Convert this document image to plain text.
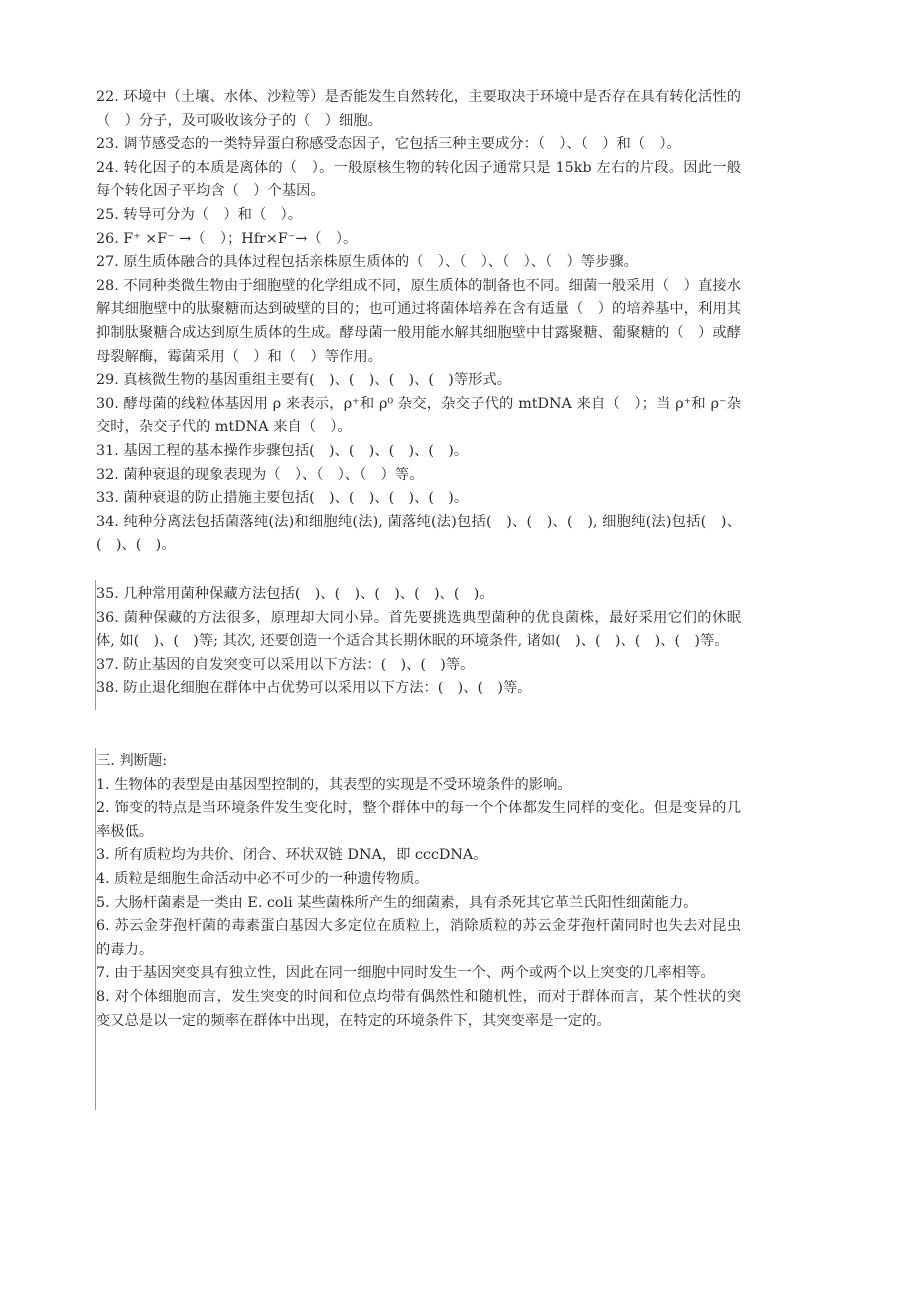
22. 环境中（土壤、水体、沙粒等）是否能发生自然转化，主要取决于环境中是否存在具有转化活性的（　）分子，及可吸收该分子的（　）细胞。

23. 调节感受态的一类特异蛋白称感受态因子，它包括三种主要成分：（　）、（　）和（　）。

24. 转化因子的本质是离体的（　）。一般原核生物的转化因子通常只是 15kb 左右的片段。因此一般每个转化因子平均含（　）个基因。

25. 转导可分为（　）和（　）。

26. F⁺ ×F⁻ →（　）；Hfr×F⁻→（　）。

27. 原生质体融合的具体过程包括亲株原生质体的（　）、（　）、（　）、（　）等步骤。

28. 不同种类微生物由于细胞壁的化学组成不同，原生质体的制备也不同。细菌一般采用（　）直接水解其细胞壁中的肽聚糖而达到破壁的目的；也可通过将菌体培养在含有适量（　）的培养基中，利用其抑制肽聚糖合成达到原生质体的生成。酵母菌一般用能水解其细胞壁中甘露聚糖、葡聚糖的（　）或酵母裂解酶，霉菌采用（　）和（　）等作用。

29. 真核微生物的基因重组主要有(　)、(　)、(　)、(　)等形式。

30. 酵母菌的线粒体基因用 ρ 来表示，ρ⁺和 ρ⁰ 杂交，杂交子代的 mtDNA 来自（　）；当 ρ⁺和 ρ⁻杂交时，杂交子代的 mtDNA 来自（　）。

31. 基因工程的基本操作步骤包括(　)、(　)、(　)、(　)。

32. 菌种衰退的现象表现为（　）、（　）、（　）等。

33. 菌种衰退的防止措施主要包括(　)、(　)、(　)、(　)。

34. 纯种分离法包括菌落纯(法)和细胞纯(法), 菌落纯(法)包括(　)、(　)、(　), 细胞纯(法)包括(　)、(　)、(　)。

35. 几种常用菌种保藏方法包括(　)、(　)、(　)、(　)、(　)。

36. 菌种保藏的方法很多，原理却大同小异。首先要挑选典型菌种的优良菌株，最好采用它们的休眠体, 如(　)、(　)等; 其次, 还要创造一个适合其长期休眠的环境条件, 诸如(　)、(　)、(　)、(　)等。

37. 防止基因的自发突变可以采用以下方法：(　)、(　)等。

38. 防止退化细胞在群体中占优势可以采用以下方法：(　)、(　)等。

三. 判断题:

1. 生物体的表型是由基因型控制的，其表型的实现是不受环境条件的影响。

2. 饰变的特点是当环境条件发生变化时，整个群体中的每一个个体都发生同样的变化。但是变异的几率极低。

3. 所有质粒均为共价、闭合、环状双链 DNA，即 cccDNA。

4. 质粒是细胞生命活动中必不可少的一种遗传物质。

5. 大肠杆菌素是一类由 E. coli 某些菌株所产生的细菌素，具有杀死其它革兰氏阳性细菌能力。

6. 苏云金芽孢杆菌的毒素蛋白基因大多定位在质粒上，消除质粒的苏云金芽孢杆菌同时也失去对昆虫的毒力。

7. 由于基因突变具有独立性，因此在同一细胞中同时发生一个、两个或两个以上突变的几率相等。

8. 对个体细胞而言，发生突变的时间和位点均带有偶然性和随机性，而对于群体而言，某个性状的突变又总是以一定的频率在群体中出现，在特定的环境条件下，其突变率是一定的。
